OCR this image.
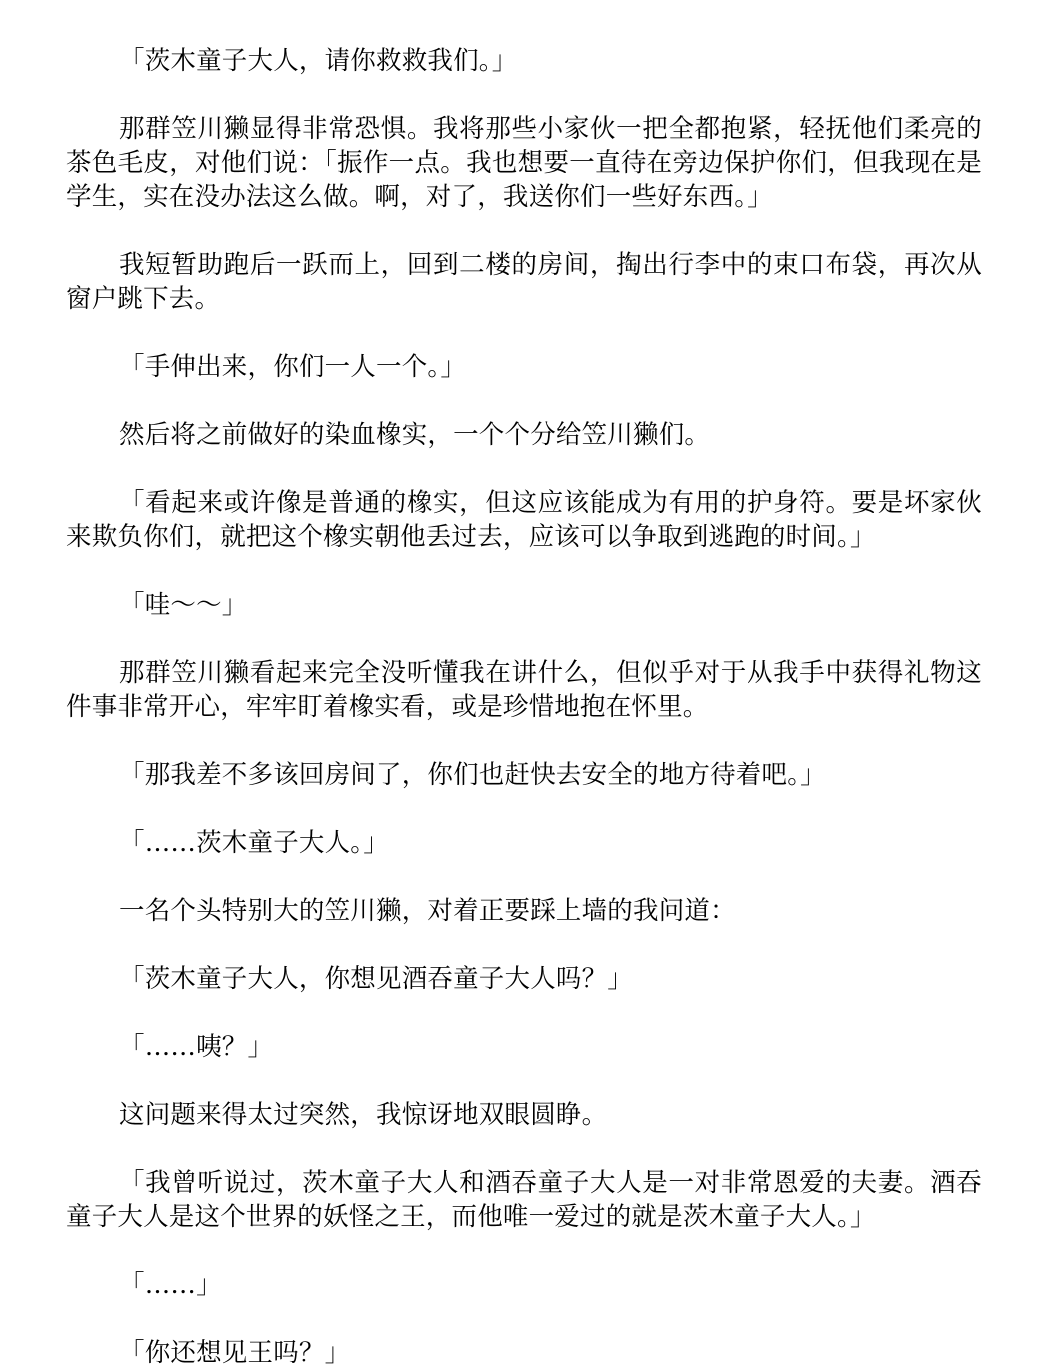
「茨木童子大人，请你救救我们。」

那群笠川獭显得非常恐惧。我将那些小家伙一把全都抱紧，轻抚他们柔亮的茶色毛皮，对他们说：「振作一点。我也想要一直待在旁边保护你们，但我现在是学生，实在没办法这么做。啊，对了，我送你们一些好东西。」

我短暂助跑后一跃而上，回到二楼的房间，掏出行李中的束口布袋，再次从窗户跳下去。

「手伸出来，你们一人一个。」

然后将之前做好的染血橡实，一个个分给笠川獭们。

「看起来或许像是普通的橡实，但这应该能成为有用的护身符。要是坏家伙来欺负你们，就把这个橡实朝他丢过去，应该可以争取到逃跑的时间。」

「哇～～」

那群笠川獭看起来完全没听懂我在讲什么，但似乎对于从我手中获得礼物这件事非常开心，牢牢盯着橡实看，或是珍惜地抱在怀里。

「那我差不多该回房间了，你们也赶快去安全的地方待着吧。」

「……茨木童子大人。」

一名个头特别大的笠川獭，对着正要踩上墙的我问道：

「茨木童子大人，你想见酒吞童子大人吗？」

「……咦？」

这问题来得太过突然，我惊讶地双眼圆睁。

「我曾听说过，茨木童子大人和酒吞童子大人是一对非常恩爱的夫妻。酒吞童子大人是这个世界的妖怪之王，而他唯一爱过的就是茨木童子大人。」

「……」

「你还想见王吗？」
